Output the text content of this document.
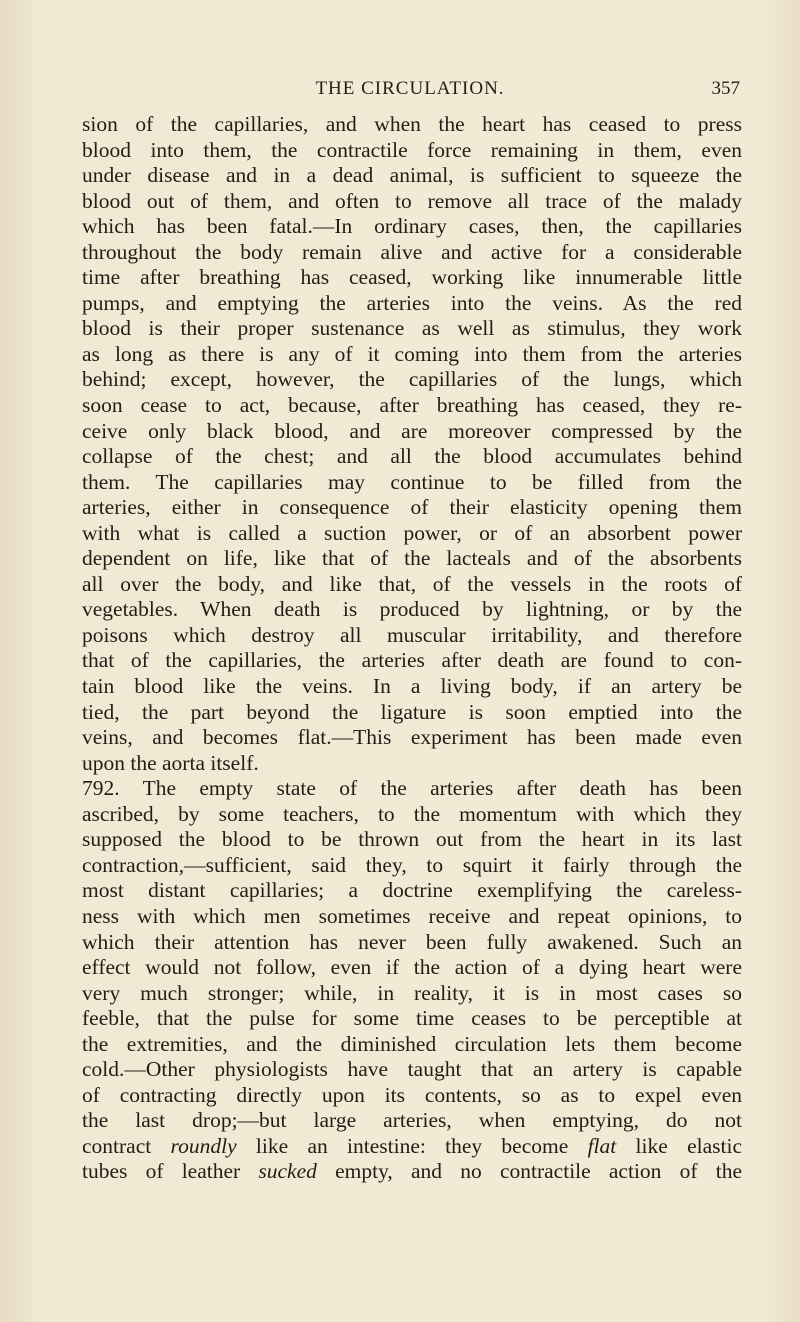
THE CIRCULATION.	357
sion of the capillaries, and when the heart has ceased to press
blood into them, the contractile force remaining in them, even
under disease and in a dead animal, is sufficient to squeeze the
blood out of them, and often to remove all trace of the malady
which has been fatal.—In ordinary cases, then, the capillaries
throughout the body remain alive and active for a considerable
time after breathing has ceased, working like innumerable little
pumps, and emptying the arteries into the veins. As the red
blood is their proper sustenance as well as stimulus, they work
as long as there is any of it coming into them from the arteries
behind; except, however, the capillaries of the lungs, which
soon cease to act, because, after breathing has ceased, they re-
ceive only black blood, and are moreover compressed by the
collapse of the chest; and all the blood accumulates behind
them. The capillaries may continue to be filled from the
arteries, either in consequence of their elasticity opening them
with what is called a suction power, or of an absorbent power
dependent on life, like that of the lacteals and of the absorbents
all over the body, and like that, of the vessels in the roots of
vegetables. When death is produced by lightning, or by the
poisons which destroy all muscular irritability, and therefore
that of the capillaries, the arteries after death are found to con-
tain blood like the veins. In a living body, if an artery be
tied, the part beyond the ligature is soon emptied into the
veins, and becomes flat.—This experiment has been made even
upon the aorta itself.
792. The empty state of the arteries after death has been
ascribed, by some teachers, to the momentum with which they
supposed the blood to be thrown out from the heart in its last
contraction,—sufficient, said they, to squirt it fairly through the
most distant capillaries; a doctrine exemplifying the careless-
ness with which men sometimes receive and repeat opinions, to
which their attention has never been fully awakened. Such an
effect would not follow, even if the action of a dying heart were
very much stronger; while, in reality, it is in most cases so
feeble, that the pulse for some time ceases to be perceptible at
the extremities, and the diminished circulation lets them become
cold.—Other physiologists have taught that an artery is capable
of contracting directly upon its contents, so as to expel even
the last drop;—but large arteries, when emptying, do not
contract roundly like an intestine: they become flat like elastic
tubes of leather sucked empty, and no contractile action of the
